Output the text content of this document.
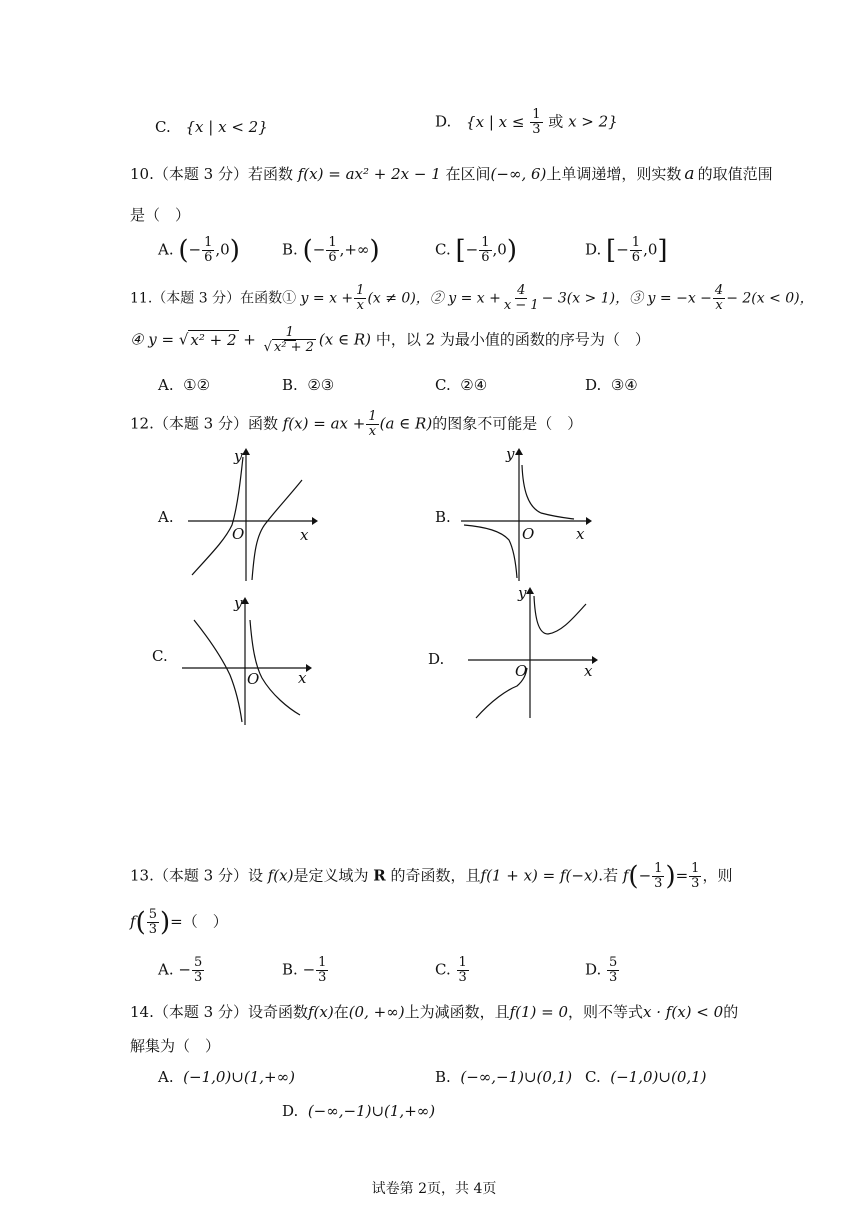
C. {x | x < 2}	D. {x | $x \le \frac{1}{3}$ 或 x > 2}
10.（本题 3 分）若函数 f(x) = ax² + 2x − 1 在区间(−∞, 6)上单调递增，则实数 a 的取值范围
是（　）
A. (− $\frac{1}{6} ,0$)	B. (− $\frac{1}{6}$ ,+∞)	C. [− $\frac{1}{6} ,0$)	D. [− $\frac{1}{6} ,0$]
11.（本题 3 分）在函数① $y = x + \frac{1}{x} (x \ne 0)$，② $y = x + \frac{4}{x - 1} - 3(x > 1)$，③ $y = -x - \frac{4}{x} - 2(x < 0)$，
④ y = √ $x^2 + 2 + \frac{1}{\text{√ x² + 2}} (x$ ∈ R) 中，以 2 为最小值的函数的序号为（　）
A. ①②	B. ②③	C. ②④	D. ③④
12.（本题 3 分）函数 f(x) = ax + $\frac{1}{x} (a$ ∈ R)的图象不可能是（　）
A.
y
x
O
B.
y
x
O
C.
y
x
O
D.
y
x
O
13.（本题 3 分）设 f(x)是定义域为 R 的奇函数，且f(1 + x) = f(−x).若 $f(- \frac{1}{3}$ )= $\frac{1}{3}$ ，则
$f( \frac{5}{3}$ )=（　）
A. − $\frac{5}{3}$	B. − $\frac{1}{3}$	C. $\frac{1}{3}$	D. $\frac{5}{3}$
14.（本题 3 分）设奇函数f(x)在(0, +∞)上为减函数，且f(1) = 0，则不等式x · f(x) < 0的
解集为（　）
A. (−1,0)∪(1,+∞)	B. (−∞,−1)∪(0,1) C. (−1,0)∪(0,1)
D. (−∞,−1)∪(1,+∞)
试卷第 2页，共 4页
